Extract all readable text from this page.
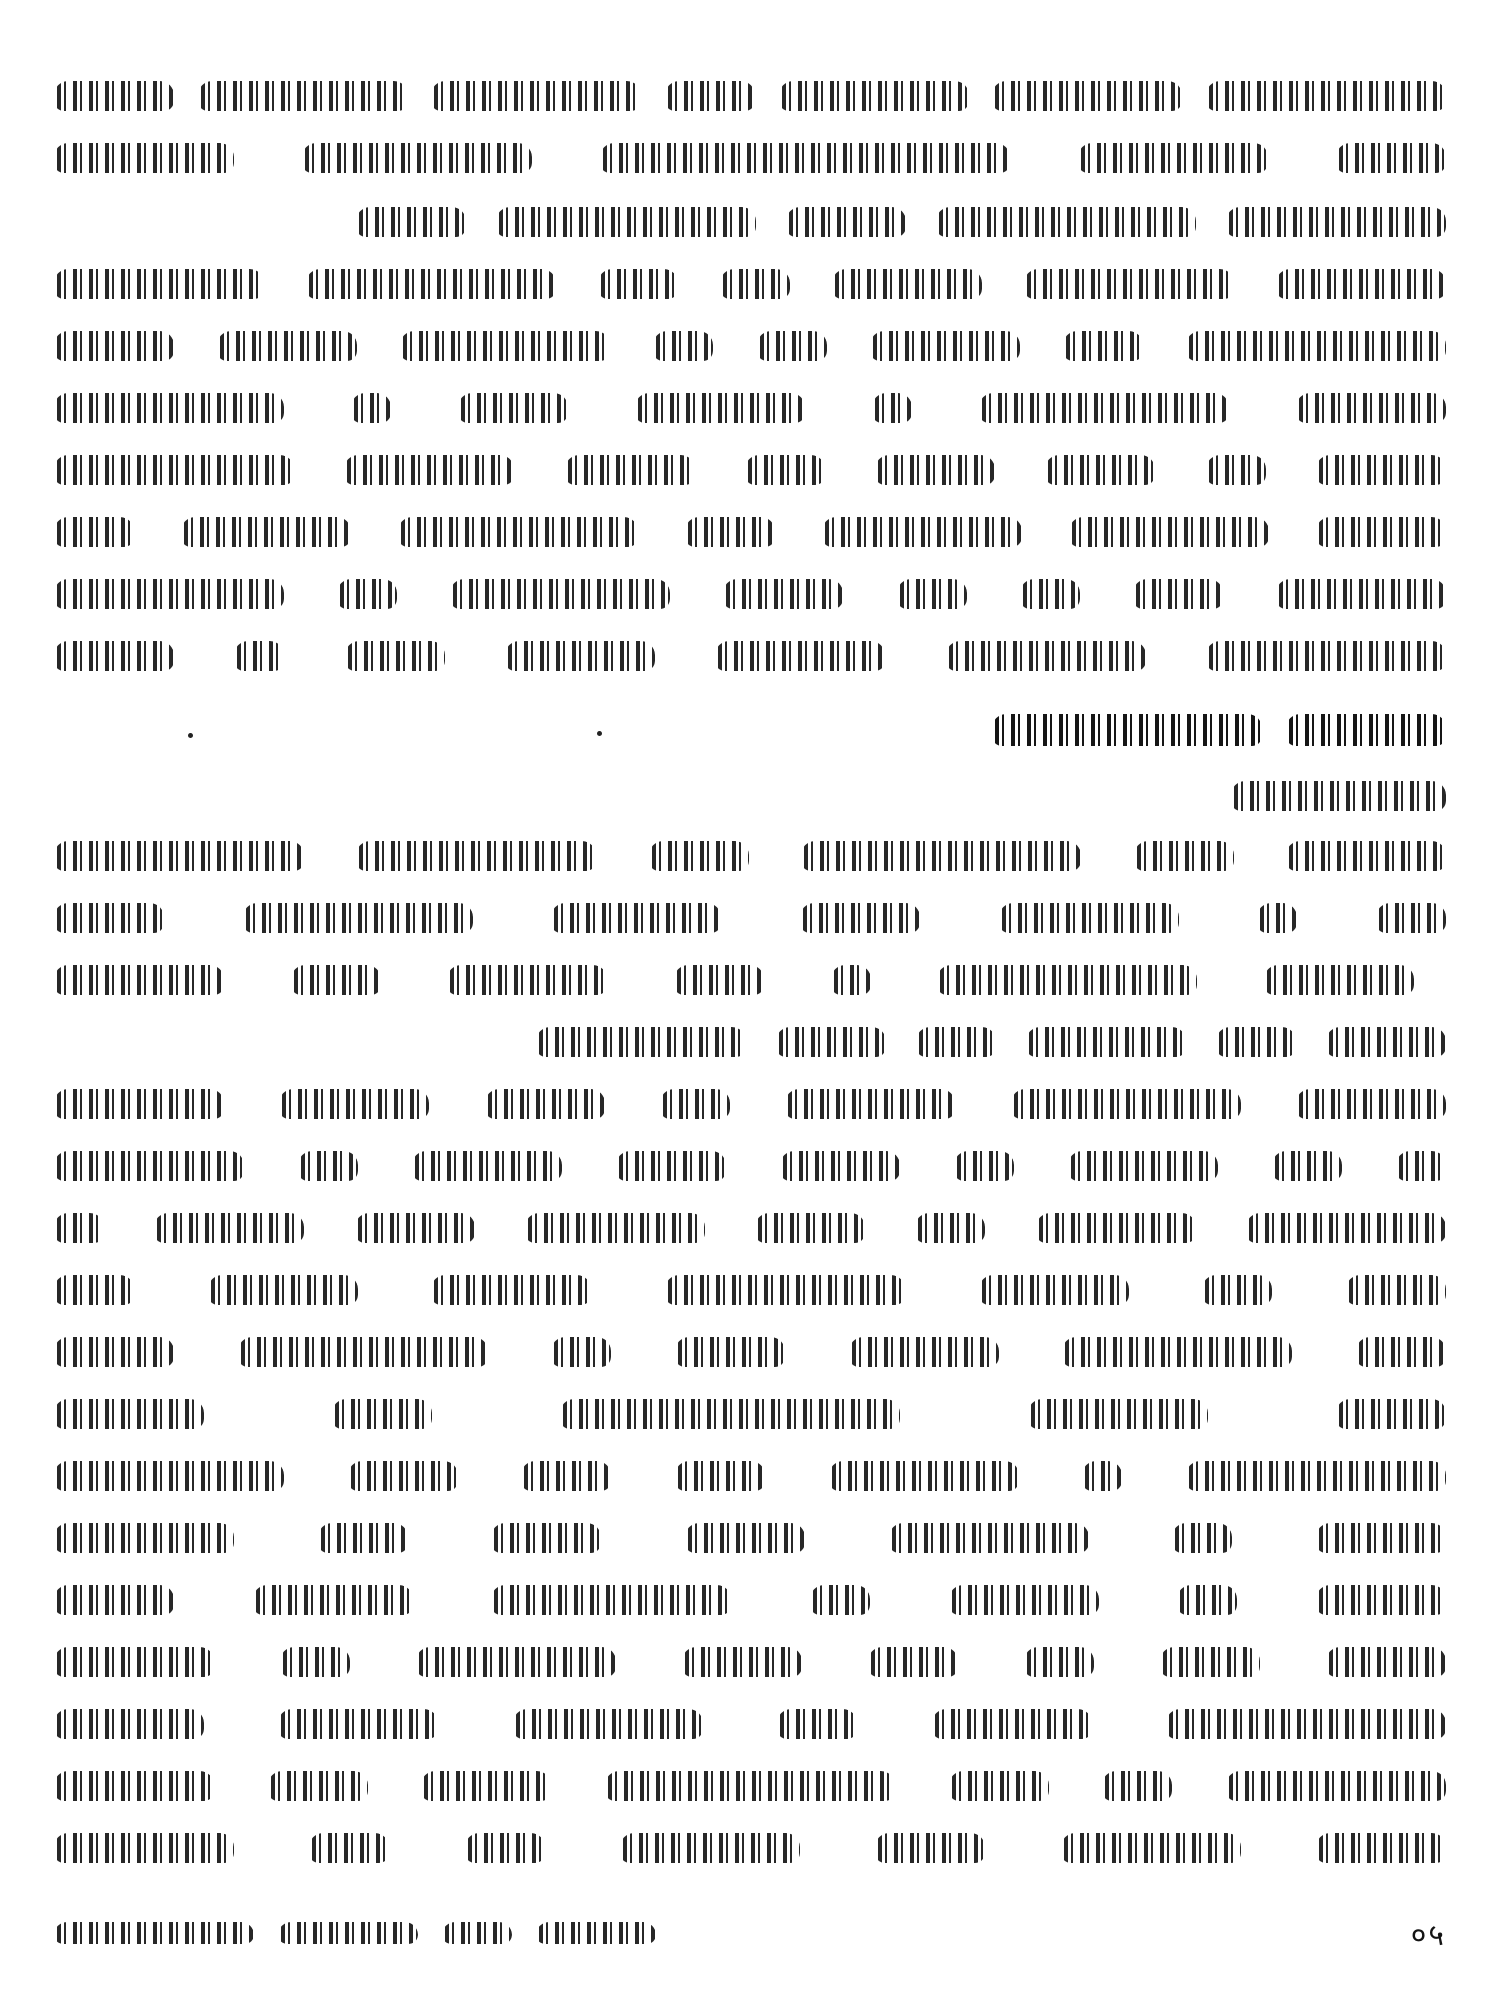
०५
